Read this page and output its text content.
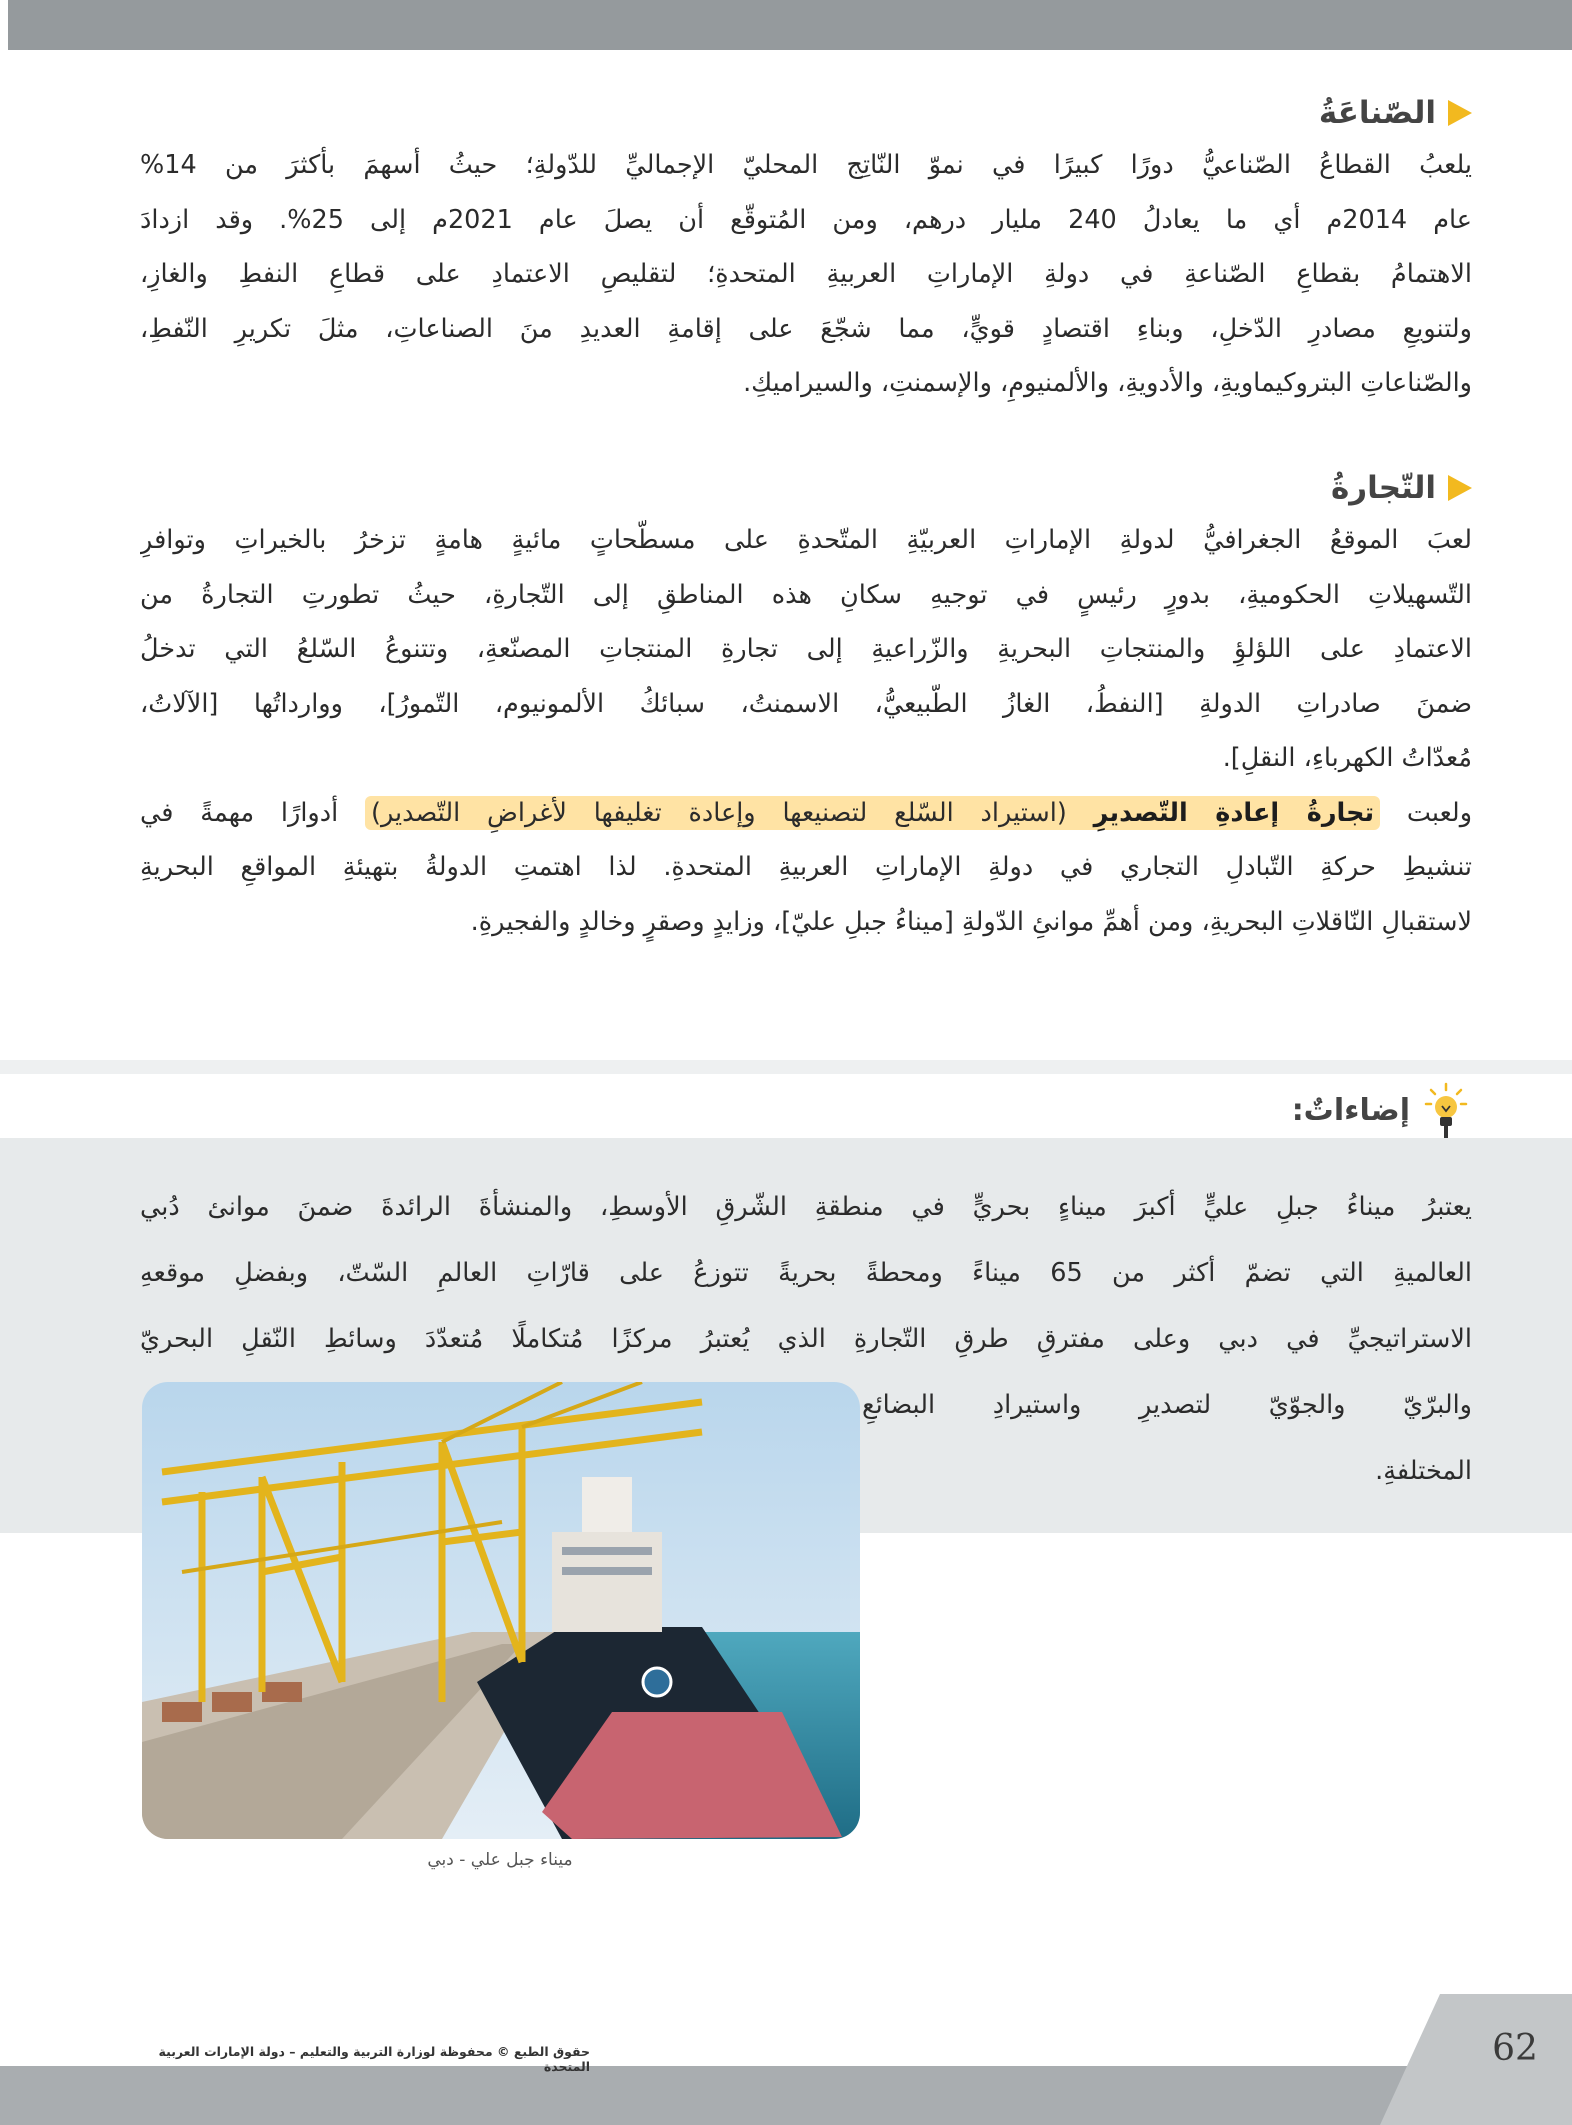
الصّناعَةُ
يلعبُ القطاعُ الصّناعيُّ دورًا كبيرًا في نموّ النّاتِج المحليّ الإجماليِّ للدّولةِ؛ حيثُ أسهمَ بأكثرَ من 14%
عام 2014م أي ما يعادلُ 240 مليار درهم، ومن المُتوقّع أن يصلَ عام 2021م إلى 25%. وقد ازدادَ
الاهتمامُ بقطاعِ الصّناعةِ في دولةِ الإماراتِ العربيةِ المتحدةِ؛ لتقليصِ الاعتمادِ على قطاعِ النفطِ والغازِ،
ولتنويعِ مصادرِ الدّخلِ، وبناءِ اقتصادٍ قويٍّ، مما شجّعَ على إقامةِ العديدِ منَ الصناعاتِ، مثلَ تكريرِ النّفطِ،
والصّناعاتِ البتروكيماويةِ، والأدويةِ، والألمنيومِ، والإسمنتِ، والسيراميكِ.
التّجارةُ
لعبَ الموقعُ الجغرافيُّ لدولةِ الإماراتِ العربيّةِ المتّحدةِ على مسطّحاتٍ مائيةٍ هامةٍ تزخرُ بالخيراتِ وتوافرِ
التّسهيلاتِ الحكوميةِ، بدورٍ رئيسٍ في توجيهِ سكانِ هذه المناطقِ إلى التّجارةِ، حيثُ تطورتِ التجارةُ من
الاعتمادِ على اللؤلؤِ والمنتجاتِ البحريةِ والزّراعيةِ إلى تجارةِ المنتجاتِ المصنّعةِ، وتتنوعُ السّلعُ التي تدخلُ
ضمنَ صادراتِ الدولةِ [النفطُ، الغازُ الطّبيعيُّ، الاسمنتُ، سبائكُ الألمونيوم، التّمورُ]، ووارداتُها [الآلاتُ،
مُعدّاتُ الكهرباءِ، النقلِ].
ولعبت تجارةُ إعادةِ التّصديرِ (استيراد السّلع لتصنيعها وإعادة تغليفها لأغراضِ التّصدير) أدوارًا مهمةً في
تنشيطِ حركةِ التّبادلِ التجاري في دولةِ الإماراتِ العربيةِ المتحدةِ. لذا اهتمتِ الدولةُ بتهيئةِ المواقعِ البحريةِ
لاستقبالِ النّاقلاتِ البحريةِ، ومن أهمِّ موانئِ الدّولةِ [ميناءُ جبلِ عليّ]، وزايدٍ وصقرٍ وخالدٍ والفجيرةِ.
إضاءاتٌ:
يعتبرُ ميناءُ جبلِ عليٍّ أكبرَ ميناءٍ بحريٍّ في منطقةِ الشّرقِ الأوسطِ، والمنشأةَ الرائدةَ ضمنَ موانئ دُبي
العالميةِ التي تضمّ أكثر من 65 ميناءً ومحطةً بحريةً تتوزعُ على قارّاتِ العالمِ السّتّ، وبفضلِ موقعهِ
الاستراتيجيِّ في دبي وعلى مفترقِ طرقِ التّجارةِ الذي يُعتبرُ مركزًا مُتكاملًا مُتعدّدَ وسائطِ النّقلِ البحريّ
والبرّيّ والجوّيّ لتصديرِ واستيرادِ البضائعِ
المختلفةِ.
ميناء جبل علي - دبي
62
حقوق الطبع © محفوظة لوزارة التربية والتعليم – دولة الإمارات العربية المتحدة
